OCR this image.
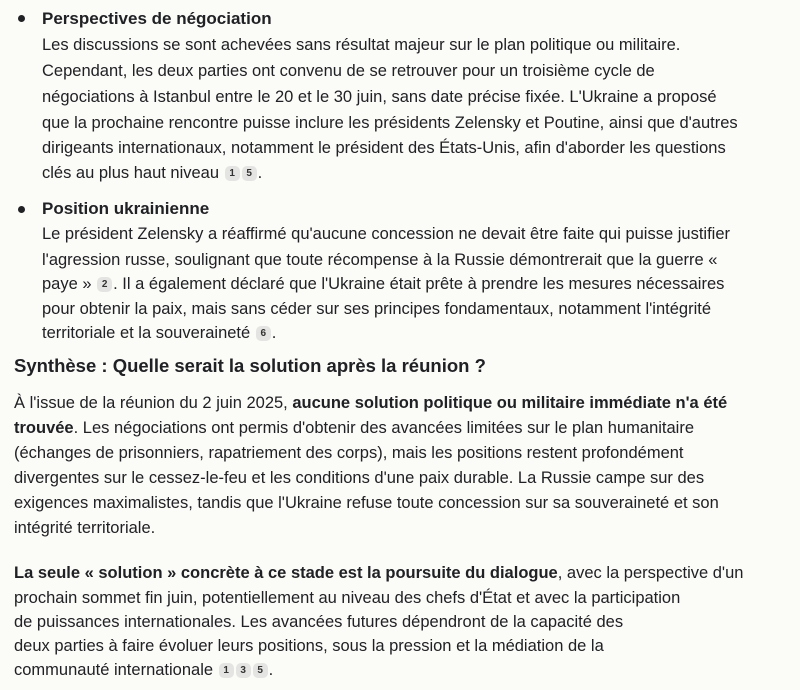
Perspectives de négociation
Les discussions se sont achevées sans résultat majeur sur le plan politique ou militaire.
Cependant, les deux parties ont convenu de se retrouver pour un troisième cycle de
négociations à Istanbul entre le 20 et le 30 juin, sans date précise fixée. L'Ukraine a proposé
que la prochaine rencontre puisse inclure les présidents Zelensky et Poutine, ainsi que d'autres
dirigeants internationaux, notamment le président des États-Unis, afin d'aborder les questions
clés au plus haut niveau 1 5 .
Position ukrainienne
Le président Zelensky a réaffirmé qu'aucune concession ne devait être faite qui puisse justifier
l'agression russe, soulignant que toute récompense à la Russie démontrerait que la guerre «
paye » 2 . Il a également déclaré que l'Ukraine était prête à prendre les mesures nécessaires
pour obtenir la paix, mais sans céder sur ses principes fondamentaux, notamment l'intégrité
territoriale et la souveraineté 6 .
Synthèse : Quelle serait la solution après la réunion ?
À l'issue de la réunion du 2 juin 2025, aucune solution politique ou militaire immédiate n'a été
trouvée. Les négociations ont permis d'obtenir des avancées limitées sur le plan humanitaire
(échanges de prisonniers, rapatriement des corps), mais les positions restent profondément
divergentes sur le cessez-le-feu et les conditions d'une paix durable. La Russie campe sur des
exigences maximalistes, tandis que l'Ukraine refuse toute concession sur sa souveraineté et son
intégrité territoriale.
La seule « solution » concrète à ce stade est la poursuite du dialogue, avec la perspective d'un
prochain sommet fin juin, potentiellement au niveau des chefs d'État et avec la participation
de puissances internationales. Les avancées futures dépendront de la capacité des
deux parties à faire évoluer leurs positions, sous la pression et la médiation de la
communauté internationale 1 3 5 .
